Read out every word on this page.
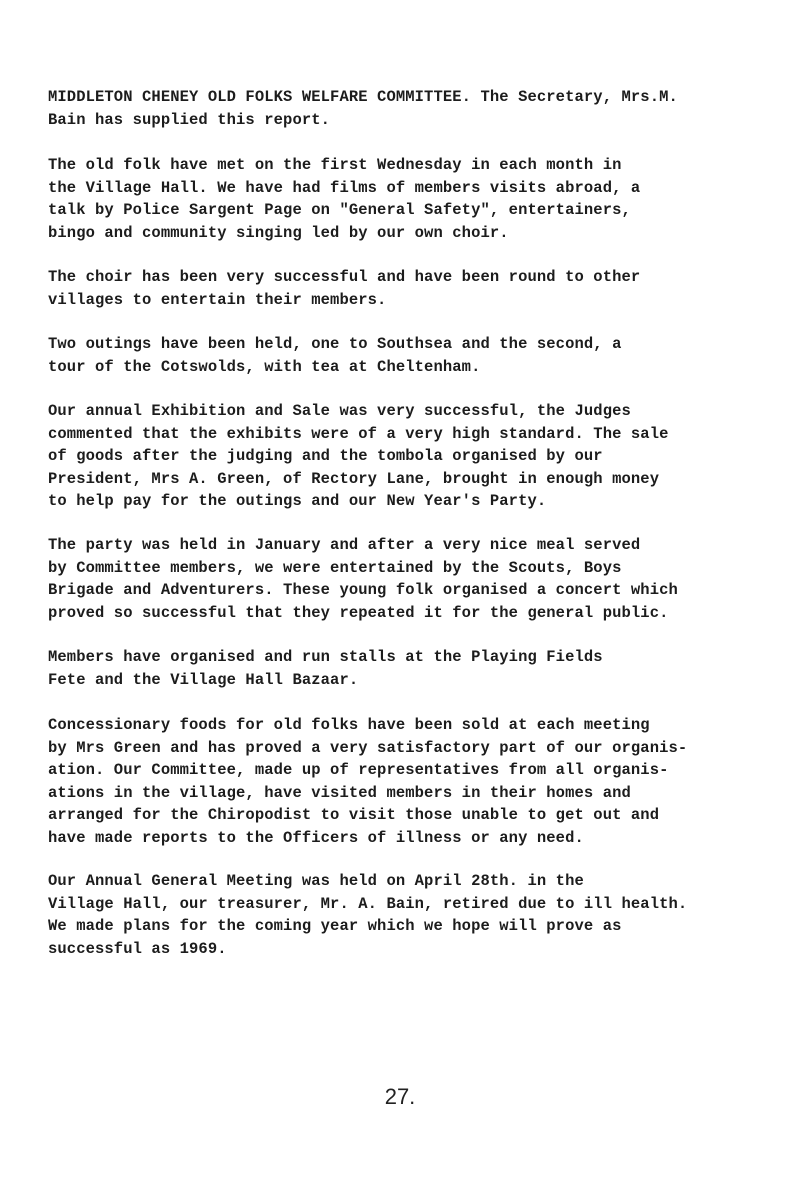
MIDDLETON CHENEY OLD FOLKS WELFARE COMMITTEE. The Secretary, Mrs.M.
Bain has supplied this report.

The old folk have met on the first Wednesday in each month in
the Village Hall. We have had films of members visits abroad, a
talk by Police Sargent Page on "General Safety", entertainers,
bingo and community singing led by our own choir.

The choir has been very successful and have been round to other
villages to entertain their members.

Two outings have been held, one to Southsea and the second, a
tour of the Cotswolds, with tea at Cheltenham.

Our annual Exhibition and Sale was very successful, the Judges
commented that the exhibits were of a very high standard. The sale
of goods after the judging and the tombola organised by our
President, Mrs A. Green, of Rectory Lane, brought in enough money
to help pay for the outings and our New Year's Party.

The party was held in January and after a very nice meal served
by Committee members, we were entertained by the Scouts, Boys
Brigade and Adventurers. These young folk organised a concert which
proved so successful that they repeated it for the general public.

Members have organised and run stalls at the Playing Fields
Fete and the Village Hall Bazaar.

Concessionary foods for old folks have been sold at each meeting
by Mrs Green and has proved a very satisfactory part of our organis-
ation. Our Committee, made up of representatives from all organis-
ations in the village, have visited members in their homes and
arranged for the Chiropodist to visit those unable to get out and
have made reports to the Officers of illness or any need.

Our Annual General Meeting was held on April 28th. in the
Village Hall, our treasurer, Mr. A. Bain, retired due to ill health.
We made plans for the coming year which we hope will prove as
successful as 1969.

27.
